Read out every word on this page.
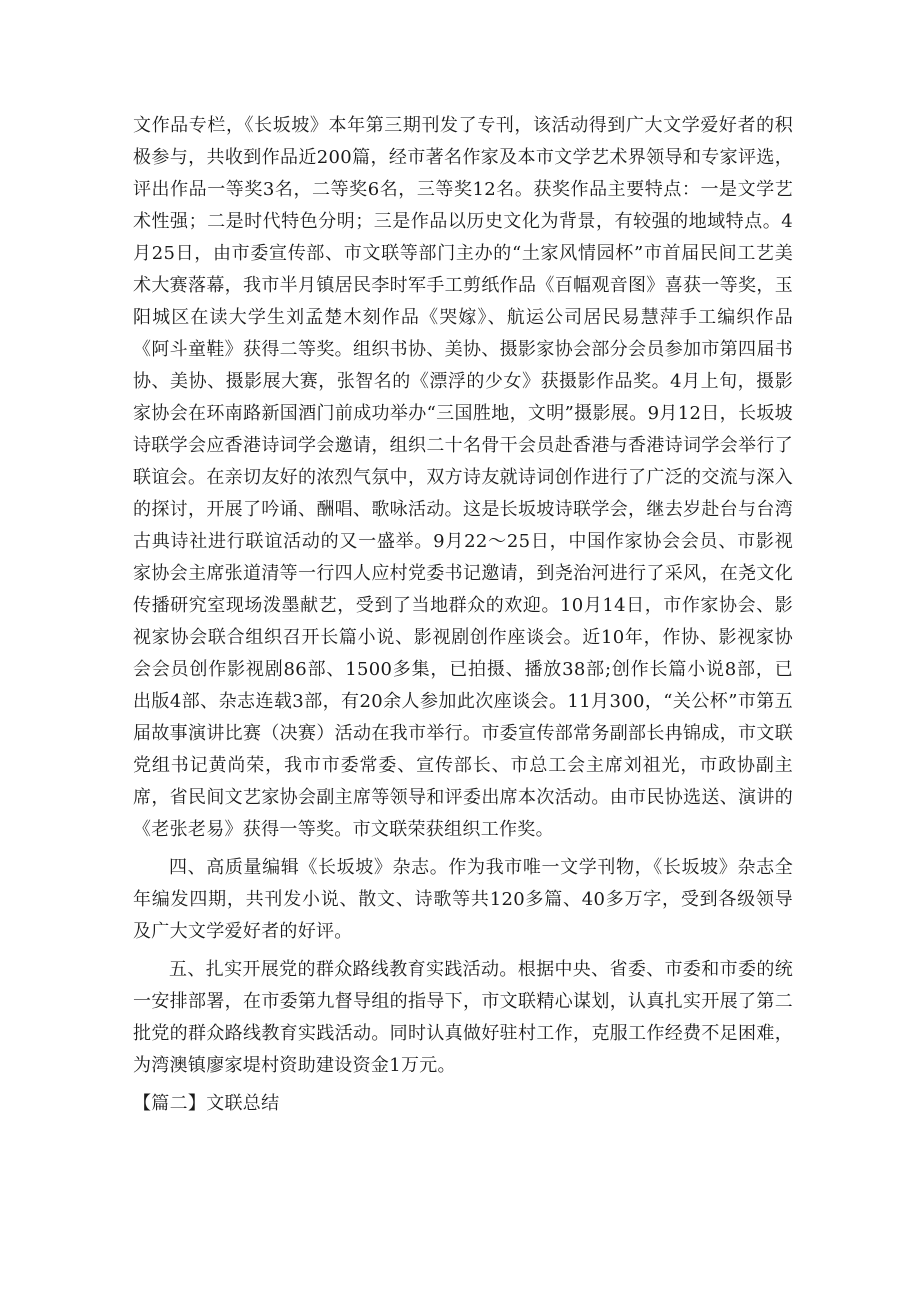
文作品专栏，《长坂坡》本年第三期刊发了专刊，该活动得到广大文学爱好者的积极参与，共收到作品近200篇，经市著名作家及本市文学艺术界领导和专家评选，评出作品一等奖3名，二等奖6名，三等奖12名。获奖作品主要特点：一是文学艺术性强；二是时代特色分明；三是作品以历史文化为背景，有较强的地域特点。4月25日，由市委宣传部、市文联等部门主办的“土家风情园杯”市首届民间工艺美术大赛落幕，我市半月镇居民李时军手工剪纸作品《百幅观音图》喜获一等奖，玉阳城区在读大学生刘孟楚木刻作品《哭嫁》、航运公司居民易慧萍手工编织作品《阿斗童鞋》获得二等奖。组织书协、美协、摄影家协会部分会员参加市第四届书协、美协、摄影展大赛，张智名的《漂浮的少女》获摄影作品奖。4月上旬，摄影家协会在环南路新国酒门前成功举办“三国胜地，文明”摄影展。9月12日，长坂坡诗联学会应香港诗词学会邀请，组织二十名骨干会员赴香港与香港诗词学会举行了联谊会。在亲切友好的浓烈气氛中，双方诗友就诗词创作进行了广泛的交流与深入的探讨，开展了吟诵、酬唱、歌咏活动。这是长坂坡诗联学会，继去岁赴台与台湾古典诗社进行联谊活动的又一盛举。9月22～25日，中国作家协会会员、市影视家协会主席张道清等一行四人应村党委书记邀请，到尧治河进行了采风，在尧文化传播研究室现场泼墨献艺，受到了当地群众的欢迎。10月14日，市作家协会、影视家协会联合组织召开长篇小说、影视剧创作座谈会。近10年，作协、影视家协会会员创作影视剧86部、1500多集，已拍摄、播放38部;创作长篇小说8部，已出版4部、杂志连载3部，有20余人参加此次座谈会。11月300，“关公杯”市第五届故事演讲比赛（决赛）活动在我市举行。市委宣传部常务副部长冉锦成，市文联党组书记黄尚荣，我市市委常委、宣传部长、市总工会主席刘祖光，市政协副主席，省民间文艺家协会副主席等领导和评委出席本次活动。由市民协选送、演讲的《老张老易》获得一等奖。市文联荣获组织工作奖。

四、高质量编辑《长坂坡》杂志。作为我市唯一文学刊物，《长坂坡》杂志全年编发四期，共刊发小说、散文、诗歌等共120多篇、40多万字，受到各级领导及广大文学爱好者的好评。

五、扎实开展党的群众路线教育实践活动。根据中央、省委、市委和市委的统一安排部署，在市委第九督导组的指导下，市文联精心谋划，认真扎实开展了第二批党的群众路线教育实践活动。同时认真做好驻村工作，克服工作经费不足困难，为湾澳镇廖家堤村资助建设资金1万元。

【篇二】文联总结
